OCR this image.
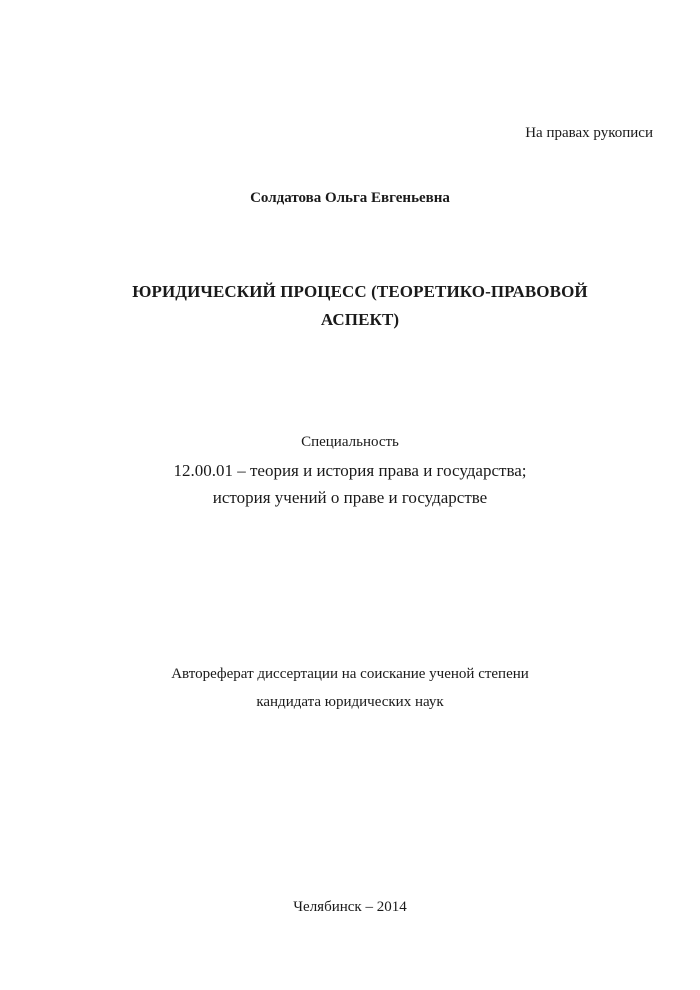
На правах рукописи
Солдатова Ольга Евгеньевна
ЮРИДИЧЕСКИЙ ПРОЦЕСС (ТЕОРЕТИКО-ПРАВОВОЙ
АСПЕКТ)
Специальность
12.00.01 – теория и история права и государства;
история учений о праве и государстве
Автореферат диссертации на соискание ученой степени
кандидата юридических наук
Челябинск – 2014
